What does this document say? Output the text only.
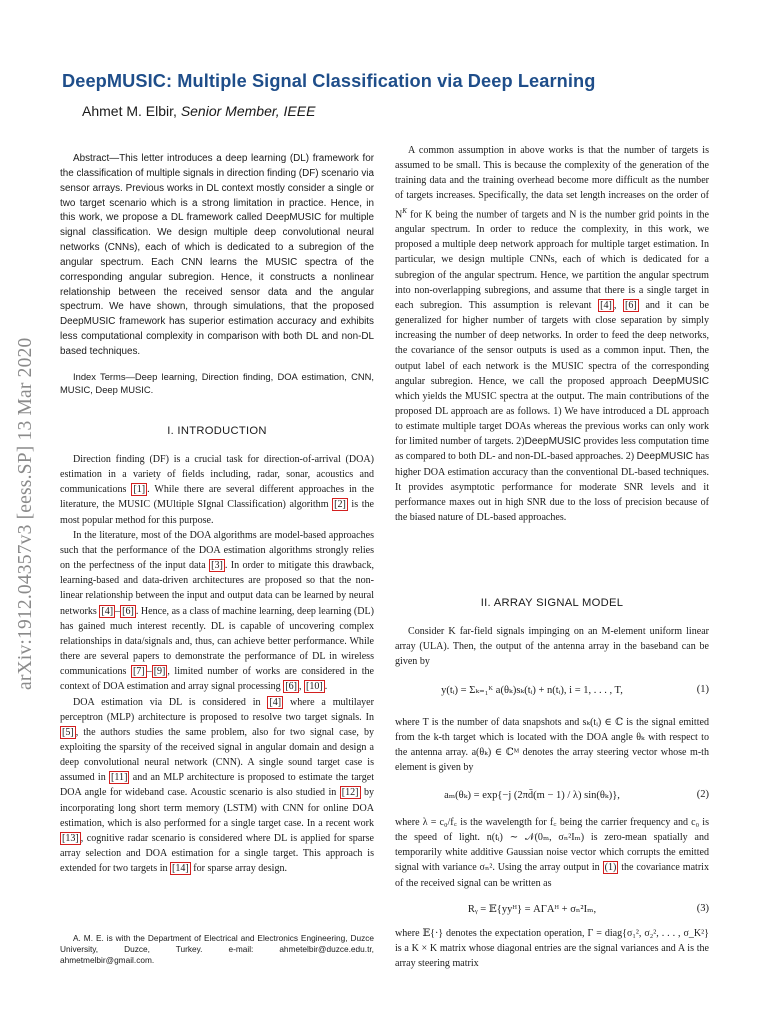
arXiv:1912.04357v3 [eess.SP] 13 Mar 2020
DeepMUSIC: Multiple Signal Classification via Deep Learning
Ahmet M. Elbir, Senior Member, IEEE
Abstract—This letter introduces a deep learning (DL) framework for the classification of multiple signals in direction finding (DF) scenario via sensor arrays. Previous works in DL context mostly consider a single or two target scenario which is a strong limitation in practice. Hence, in this work, we propose a DL framework called DeepMUSIC for multiple signal classification. We design multiple deep convolutional neural networks (CNNs), each of which is dedicated to a subregion of the angular spectrum. Each CNN learns the MUSIC spectra of the corresponding angular subregion. Hence, it constructs a nonlinear relationship between the received sensor data and the angular spectrum. We have shown, through simulations, that the proposed DeepMUSIC framework has superior estimation accuracy and exhibits less computational complexity in comparison with both DL and non-DL based techniques.
Index Terms—Deep learning, Direction finding, DOA estimation, CNN, MUSIC, Deep MUSIC.
I. INTRODUCTION

Direction finding (DF) is a crucial task for direction-of-arrival (DOA) estimation in a variety of fields including, radar, sonar, acoustics and communications [1] . While there are several different approaches in the literature, the MUSIC (MUltiple SIgnal Classification) algorithm [2] is the most popular method for this purpose.

In the literature, most of the DOA algorithms are model-based approaches such that the performance of the DOA estimation algorithms strongly relies on the perfectness of the input data [3] . In order to mitigate this drawback, learning-based and data-driven architectures are proposed so that the non-linear relationship between the input and output data can be learned by neural networks [4] – [6] . Hence, as a class of machine learning, deep learning (DL) has gained much interest recently. DL is capable of uncovering complex relationships in data/signals and, thus, can achieve better performance. While there are several papers to demonstrate the performance of DL in wireless communications [7] – [9] , limited number of works are considered in the context of DOA estimation and array signal processing [6] , [10] .

DOA estimation via DL is considered in [4] where a multilayer perceptron (MLP) architecture is proposed to resolve two target signals. In [5] , the authors studies the same problem, also for two signal case, by exploiting the sparsity of the received signal in angular domain and design a deep convolutional neural network (CNN). A single sound target case is assumed in [11] and an MLP architecture is proposed to estimate the target DOA angle for wideband case. Acoustic scenario is also studied in [12] by incorporating long short term memory (LSTM) with CNN for online DOA estimation, which is also performed for a single target case. In a recent work [13] , cognitive radar scenario is considered where DL is applied for sparse array selection and DOA estimation for a single target. This approach is extended for two targets in [14] for sparse array design.

A. M. E. is with the Department of Electrical and Electronics Engineering, Duzce University, Duzce, Turkey. e-mail: ahmetelbir@duzce.edu.tr, ahmetmelbir@gmail.com.

A common assumption in above works is that the number of targets is assumed to be small. This is because the complexity of the generation of the training data and the training overhead become more difficult as the number of targets increases. Specifically, the data set length increases on the order of $N^K$ for K being the number of targets and N is the number grid points in the angular spectrum. In order to reduce the complexity, in this work, we proposed a multiple deep network approach for multiple target estimation. In particular, we design multiple CNNs, each of which is dedicated for a subregion of the angular spectrum. Hence, we partition the angular spectrum into non-overlapping subregions, and assume that there is a single target in each subregion. This assumption is relevant [4] , [6] and it can be generalized for higher number of targets with close separation by simply increasing the number of deep networks. In order to feed the deep networks, the covariance of the sensor outputs is used as a common input. Then, the output label of each network is the MUSIC spectra of the corresponding angular subregion. Hence, we call the proposed approach DeepMUSIC which yields the MUSIC spectra at the output. The main contributions of the proposed DL approach are as follows. 1) We have introduced a DL approach to estimate multiple target DOAs whereas the previous works can only work for limited number of targets. 2)DeepMUSIC provides less computation time as compared to both DL- and non-DL-based approaches. 2) DeepMUSIC has higher DOA estimation accuracy than the conventional DL-based techniques. It provides asymptotic performance for moderate SNR levels and it performance maxes out in high SNR due to the loss of precision because of the biased nature of DL-based approaches.

II. ARRAY SIGNAL MODEL

Consider K far-field signals impinging on an M-element uniform linear array (ULA). Then, the output of the antenna array in the baseband can be given by

y(tᵢ) = Σₖ₌₁ᴷ a(θₖ)sₖ(tᵢ) + n(tᵢ), i = 1, . . . , T,	(1)

where T is the number of data snapshots and sₖ(tᵢ) ∈ ℂ is the signal emitted from the k-th target which is located with the DOA angle θₖ with respect to the antenna array. a(θₖ) ∈ ℂᴹ denotes the array steering vector whose m-th element is given by

aₘ(θₖ) = exp{−j (2πd̄(m − 1) / λ) sin(θₖ)},	(2)

where λ = c₀/f꜀ is the wavelength for f꜀ being the carrier frequency and c₀ is the speed of light. n(tᵢ) ∼ 𝒩(0ₘ, σₙ²Iₘ) is zero-mean spatially and temporarily white additive Gaussian noise vector which corrupts the emitted signal with variance σₙ². Using the array output in (1) the covariance matrix of the received signal can be written as

Rᵧ = 𝔼{yyᴴ} = AΓAᴴ + σₙ²Iₘ,	(3)

where 𝔼{·} denotes the expectation operation, Γ = diag{σ₁², σ₂², . . . , σ_K²} is a K × K matrix whose diagonal entries are the signal variances and A is the array steering matrix
